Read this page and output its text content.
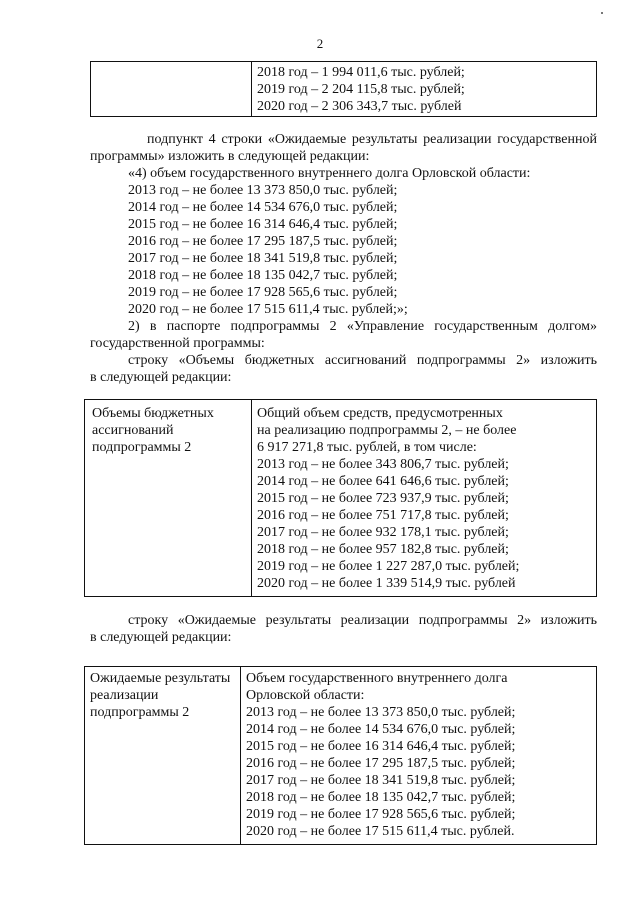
2
2018 год – 1 994 011,6 тыс. рублей;
2019 год – 2 204 115,8 тыс. рублей;
2020 год – 2 306 343,7 тыс. рублей
подпункт 4 строки «Ожидаемые результаты реализации государственной
программы» изложить в следующей редакции:
«4) объем государственного внутреннего долга Орловской области:
2013 год – не более 13 373 850,0 тыс. рублей;
2014 год – не более 14 534 676,0 тыс. рублей;
2015 год – не более 16 314 646,4 тыс. рублей;
2016 год – не более 17 295 187,5 тыс. рублей;
2017 год – не более 18 341 519,8 тыс. рублей;
2018 год – не более 18 135 042,7 тыс. рублей;
2019 год – не более 17 928 565,6 тыс. рублей;
2020 год – не более 17 515 611,4 тыс. рублей;»;
2) в паспорте подпрограммы 2 «Управление государственным долгом»
государственной программы:
строку «Объемы бюджетных ассигнований подпрограммы 2» изложить
в следующей редакции:
Объемы бюджетных
ассигнований
подпрограммы 2
Общий объем средств, предусмотренных
на реализацию подпрограммы 2, – не более
6 917 271,8 тыс. рублей, в том числе:
2013 год – не более 343 806,7 тыс. рублей;
2014 год – не более 641 646,6 тыс. рублей;
2015 год – не более 723 937,9 тыс. рублей;
2016 год – не более 751 717,8 тыс. рублей;
2017 год – не более 932 178,1 тыс. рублей;
2018 год – не более 957 182,8 тыс. рублей;
2019 год – не более 1 227 287,0 тыс. рублей;
2020 год – не более 1 339 514,9 тыс. рублей
строку «Ожидаемые результаты реализации подпрограммы 2» изложить
в следующей редакции:
Ожидаемые результаты
реализации
подпрограммы 2
Объем государственного внутреннего долга
Орловской области:
2013 год – не более 13 373 850,0 тыс. рублей;
2014 год – не более 14 534 676,0 тыс. рублей;
2015 год – не более 16 314 646,4 тыс. рублей;
2016 год – не более 17 295 187,5 тыс. рублей;
2017 год – не более 18 341 519,8 тыс. рублей;
2018 год – не более 18 135 042,7 тыс. рублей;
2019 год – не более 17 928 565,6 тыс. рублей;
2020 год – не более 17 515 611,4 тыс. рублей.
